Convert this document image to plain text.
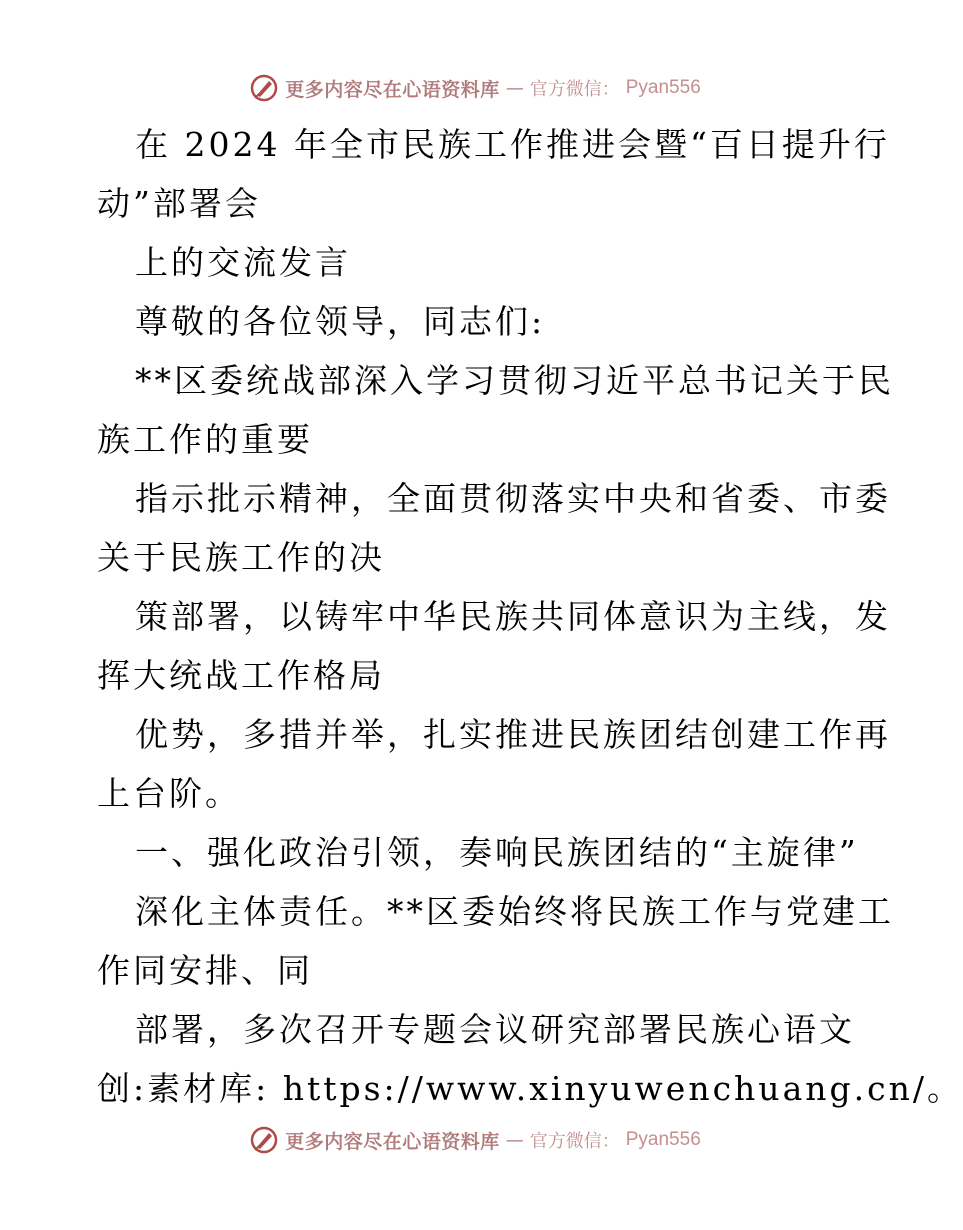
更多内容尽在心语资料库 — 官方微信： Pyan556
在 2024 年全市民族工作推进会暨“百日提升行
动”部署会
上的交流发言
尊敬的各位领导，同志们:
**区委统战部深入学习贯彻习近平总书记关于民
族工作的重要
指示批示精神，全面贯彻落实中央和省委、市委
关于民族工作的决
策部署，以铸牢中华民族共同体意识为主线，发
挥大统战工作格局
优势，多措并举，扎实推进民族团结创建工作再
上台阶。
一、强化政治引领，奏响民族团结的“主旋律”
深化主体责任。**区委始终将民族工作与党建工
作同安排、同
部署，多次召开专题会议研究部署民族心语文
创:素材库: https://www.xinyuwenchuang.cn/。
更多内容尽在心语资料库 — 官方微信： Pyan556
